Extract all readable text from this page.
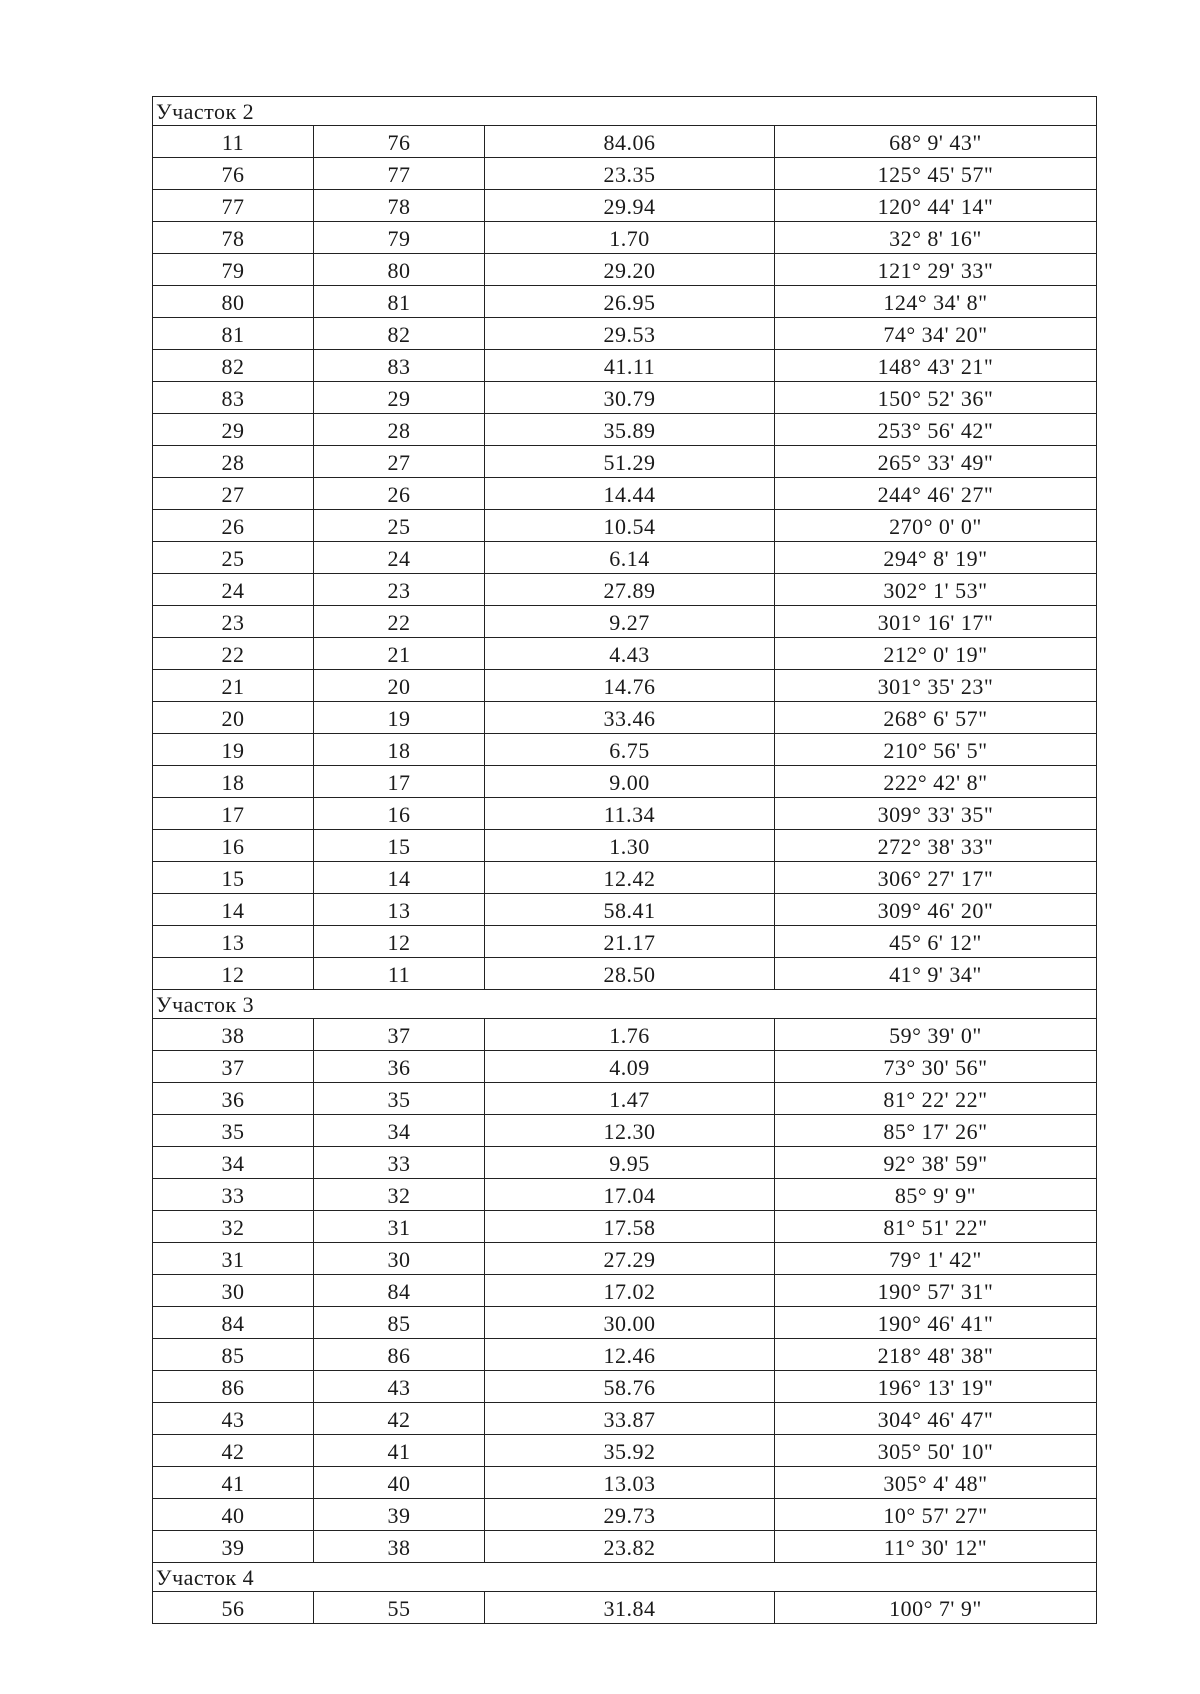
Участок 2			
11	76	84.06	68° 9' 43"
76	77	23.35	125° 45' 57"
77	78	29.94	120° 44' 14"
78	79	1.70	32° 8' 16"
79	80	29.20	121° 29' 33"
80	81	26.95	124° 34' 8"
81	82	29.53	74° 34' 20"
82	83	41.11	148° 43' 21"
83	29	30.79	150° 52' 36"
29	28	35.89	253° 56' 42"
28	27	51.29	265° 33' 49"
27	26	14.44	244° 46' 27"
26	25	10.54	270° 0' 0"
25	24	6.14	294° 8' 19"
24	23	27.89	302° 1' 53"
23	22	9.27	301° 16' 17"
22	21	4.43	212° 0' 19"
21	20	14.76	301° 35' 23"
20	19	33.46	268° 6' 57"
19	18	6.75	210° 56' 5"
18	17	9.00	222° 42' 8"
17	16	11.34	309° 33' 35"
16	15	1.30	272° 38' 33"
15	14	12.42	306° 27' 17"
14	13	58.41	309° 46' 20"
13	12	21.17	45° 6' 12"
12	11	28.50	41° 9' 34"
Участок 3			
38	37	1.76	59° 39' 0"
37	36	4.09	73° 30' 56"
36	35	1.47	81° 22' 22"
35	34	12.30	85° 17' 26"
34	33	9.95	92° 38' 59"
33	32	17.04	85° 9' 9"
32	31	17.58	81° 51' 22"
31	30	27.29	79° 1' 42"
30	84	17.02	190° 57' 31"
84	85	30.00	190° 46' 41"
85	86	12.46	218° 48' 38"
86	43	58.76	196° 13' 19"
43	42	33.87	304° 46' 47"
42	41	35.92	305° 50' 10"
41	40	13.03	305° 4' 48"
40	39	29.73	10° 57' 27"
39	38	23.82	11° 30' 12"
Участок 4			
56	55	31.84	100° 7' 9"
